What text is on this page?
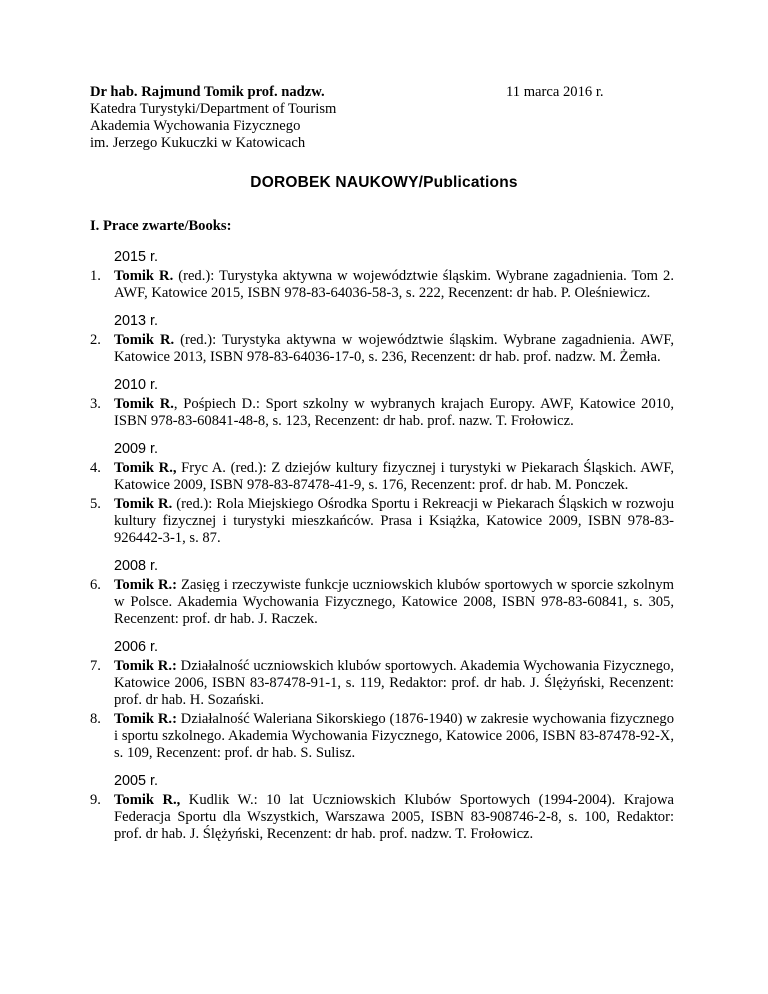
Dr hab. Rajmund Tomik prof. nadzw.
Katedra Turystyki/Department of Tourism
Akademia Wychowania Fizycznego
im. Jerzego Kukuczki w Katowicach
11 marca 2016 r.
DOROBEK NAUKOWY/Publications
I. Prace zwarte/Books:
2015 r.
1. Tomik R. (red.): Turystyka aktywna w województwie śląskim. Wybrane zagadnienia. Tom 2. AWF, Katowice 2015, ISBN 978-83-64036-58-3, s. 222, Recenzent: dr hab. P. Oleśniewicz.
2013 r.
2. Tomik R. (red.): Turystyka aktywna w województwie śląskim. Wybrane zagadnienia. AWF, Katowice 2013, ISBN 978-83-64036-17-0, s. 236, Recenzent: dr hab. prof. nadzw. M. Żemła.
2010 r.
3. Tomik R., Pośpiech D.: Sport szkolny w wybranych krajach Europy. AWF, Katowice 2010, ISBN 978-83-60841-48-8, s. 123, Recenzent: dr hab. prof. nazw. T. Frołowicz.
2009 r.
4. Tomik R., Fryc A. (red.): Z dziejów kultury fizycznej i turystyki w Piekarach Śląskich. AWF, Katowice 2009, ISBN 978-83-87478-41-9, s. 176, Recenzent: prof. dr hab. M. Ponczek.
5. Tomik R. (red.): Rola Miejskiego Ośrodka Sportu i Rekreacji w Piekarach Śląskich w rozwoju kultury fizycznej i turystyki mieszkańców. Prasa i Książka, Katowice 2009, ISBN 978-83-926442-3-1, s. 87.
2008 r.
6. Tomik R.: Zasięg i rzeczywiste funkcje uczniowskich klubów sportowych w sporcie szkolnym w Polsce. Akademia Wychowania Fizycznego, Katowice 2008, ISBN 978-83-60841, s. 305, Recenzent: prof. dr hab. J. Raczek.
2006 r.
7. Tomik R.: Działalność uczniowskich klubów sportowych. Akademia Wychowania Fizycznego, Katowice 2006, ISBN 83-87478-91-1, s. 119, Redaktor: prof. dr hab. J. Ślężyński, Recenzent: prof. dr hab. H. Sozański.
8. Tomik R.: Działalność Waleriana Sikorskiego (1876-1940) w zakresie wychowania fizycznego i sportu szkolnego. Akademia Wychowania Fizycznego, Katowice 2006, ISBN 83-87478-92-X, s. 109, Recenzent: prof. dr hab. S. Sulisz.
2005 r.
9. Tomik R., Kudlik W.: 10 lat Uczniowskich Klubów Sportowych (1994-2004). Krajowa Federacja Sportu dla Wszystkich, Warszawa 2005, ISBN 83-908746-2-8, s. 100, Redaktor: prof. dr hab. J. Ślężyński, Recenzent: dr hab. prof. nadzw. T. Frołowicz.
